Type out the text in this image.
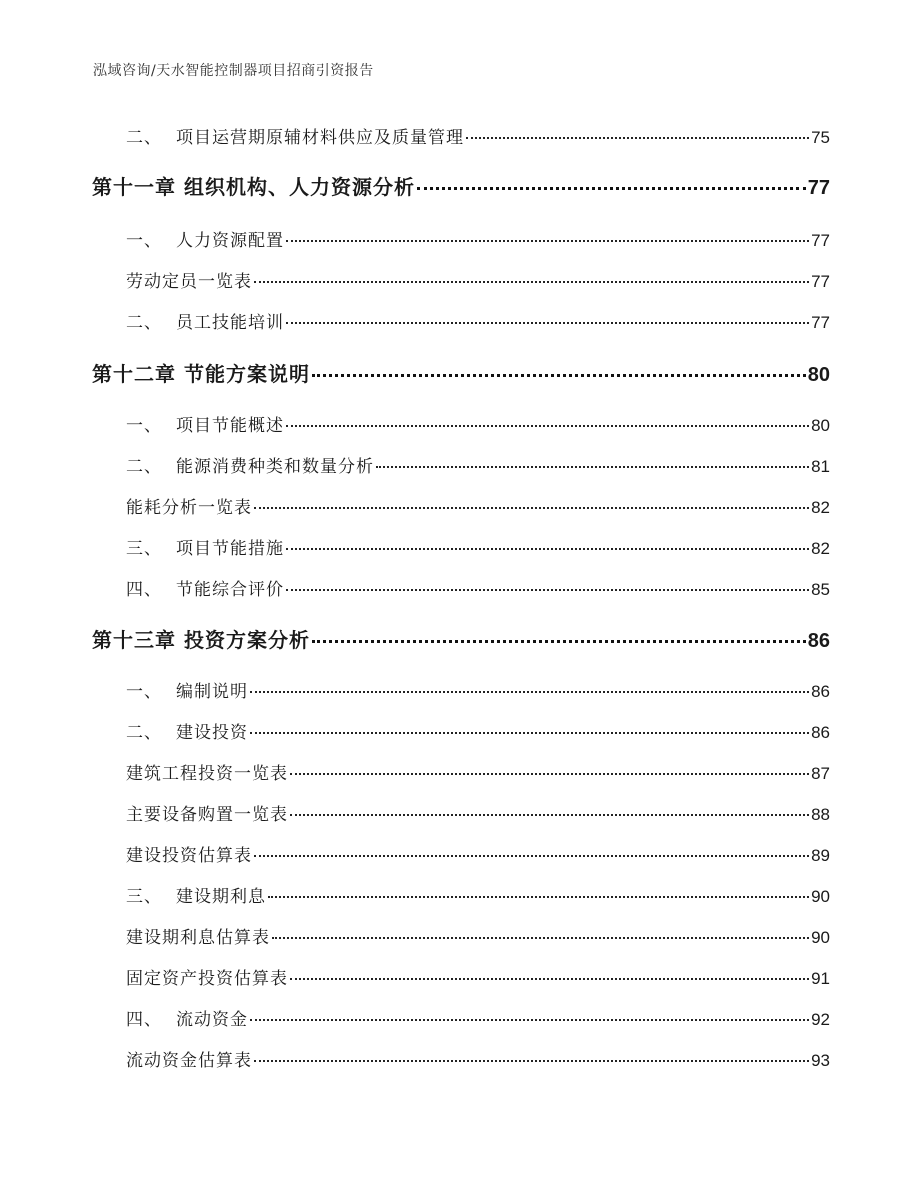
泓域咨询/天水智能控制器项目招商引资报告
二、 项目运营期原辅材料供应及质量管理	75
第十一章 组织机构、人力资源分析	77
一、 人力资源配置	77
劳动定员一览表	77
二、 员工技能培训	77
第十二章 节能方案说明	80
一、 项目节能概述	80
二、 能源消费种类和数量分析	81
能耗分析一览表	82
三、 项目节能措施	82
四、 节能综合评价	85
第十三章 投资方案分析	86
一、 编制说明	86
二、 建设投资	86
建筑工程投资一览表	87
主要设备购置一览表	88
建设投资估算表	89
三、 建设期利息	90
建设期利息估算表	90
固定资产投资估算表	91
四、 流动资金	92
流动资金估算表	93
